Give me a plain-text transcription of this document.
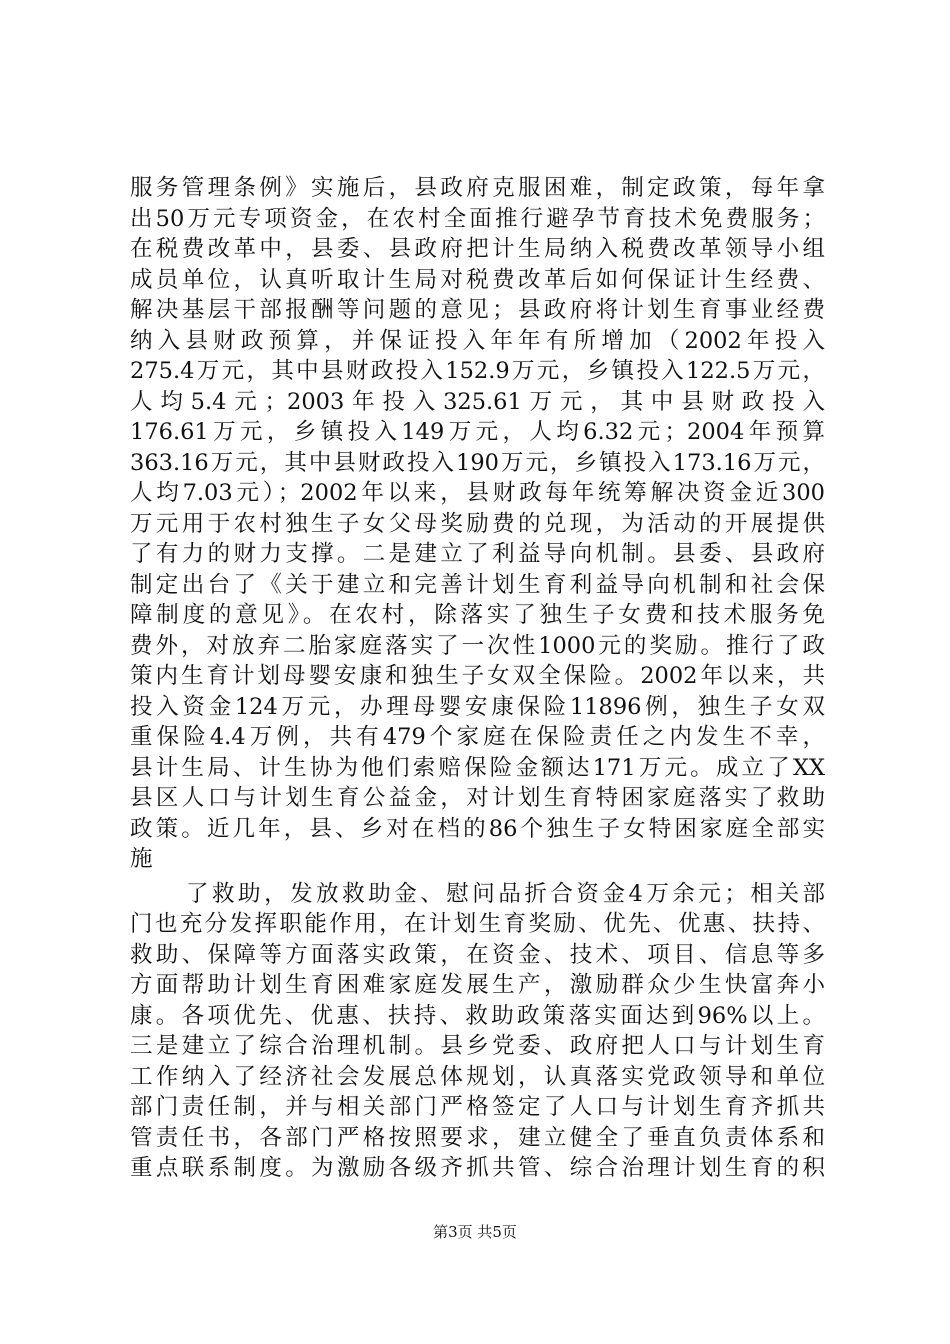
服务管理条例》实施后，县政府克服困难，制定政策，每年拿
出50万元专项资金，在农村全面推行避孕节育技术免费服务；
在税费改革中，县委、县政府把计生局纳入税费改革领导小组
成员单位，认真听取计生局对税费改革后如何保证计生经费、
解决基层干部报酬等问题的意见；县政府将计划生育事业经费
纳入县财政预算，并保证投入年年有所增加（2002年投入
275.4万元，其中县财政投入152.9万元，乡镇投入122.5万元，
人均5.4元；2003年投入325.61万元，其中县财政投入
176.61万元，乡镇投入149万元，人均6.32元；2004年预算
363.16万元，其中县财政投入190万元，乡镇投入173.16万元，
人均7.03元）；2002年以来，县财政每年统筹解决资金近300
万元用于农村独生子女父母奖励费的兑现，为活动的开展提供
了有力的财力支撑。二是建立了利益导向机制。县委、县政府
制定出台了《关于建立和完善计划生育利益导向机制和社会保
障制度的意见》。在农村，除落实了独生子女费和技术服务免
费外，对放弃二胎家庭落实了一次性1000元的奖励。推行了政
策内生育计划母婴安康和独生子女双全保险。2002年以来，共
投入资金124万元，办理母婴安康保险11896例，独生子女双
重保险4.4万例，共有479个家庭在保险责任之内发生不幸，
县计生局、计生协为他们索赔保险金额达171万元。成立了XX
县区人口与计划生育公益金，对计划生育特困家庭落实了救助
政策。近几年，县、乡对在档的86个独生子女特困家庭全部实
施
了救助，发放救助金、慰问品折合资金4万余元；相关部
门也充分发挥职能作用，在计划生育奖励、优先、优惠、扶持、
救助、保障等方面落实政策，在资金、技术、项目、信息等多
方面帮助计划生育困难家庭发展生产，激励群众少生快富奔小
康。各项优先、优惠、扶持、救助政策落实面达到96%以上。
三是建立了综合治理机制。县乡党委、政府把人口与计划生育
工作纳入了经济社会发展总体规划，认真落实党政领导和单位
部门责任制，并与相关部门严格签定了人口与计划生育齐抓共
管责任书，各部门严格按照要求，建立健全了垂直负责体系和
重点联系制度。为激励各级齐抓共管、综合治理计划生育的积
第3页 共5页
